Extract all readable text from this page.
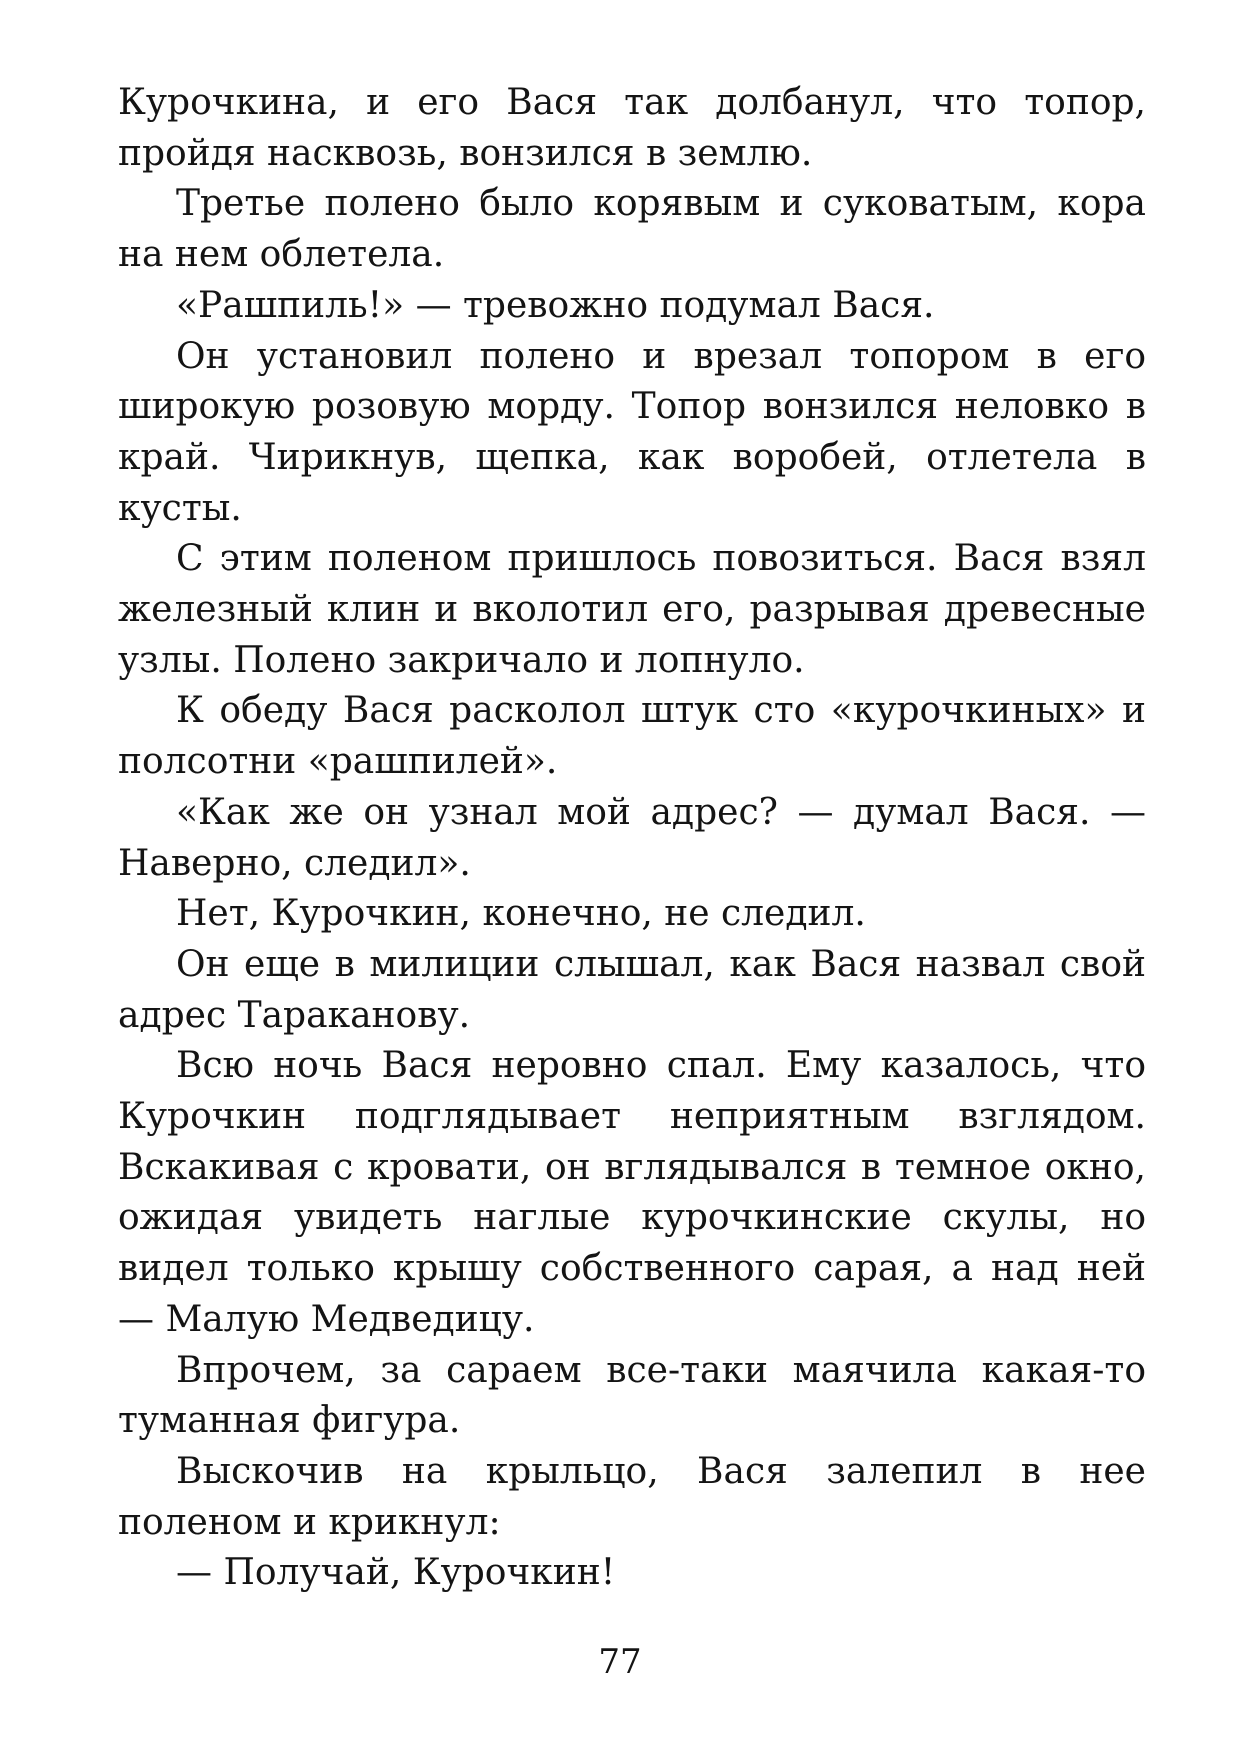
Курочкина, и его Вася так долбанул, что топор, пройдя насквозь, вонзился в землю.

Третье полено было корявым и суковатым, кора на нем облетела.

«Рашпиль!» — тревожно подумал Вася.

Он установил полено и врезал топором в его широкую розовую морду. Топор вонзился неловко в край. Чирикнув, щепка, как воробей, отлетела в кусты.

С этим поленом пришлось повозиться. Вася взял железный клин и вколотил его, разрывая древесные узлы. Полено закричало и лопнуло.

К обеду Вася расколол штук сто «курочкиных» и полсотни «рашпилей».

«Как же он узнал мой адрес? — думал Вася. — Наверно, следил».

Нет, Курочкин, конечно, не следил.

Он еще в милиции слышал, как Вася назвал свой адрес Тараканову.

Всю ночь Вася неровно спал. Ему казалось, что Курочкин подглядывает неприятным взглядом. Вскакивая с кровати, он вглядывался в темное окно, ожидая увидеть наглые курочкинские скулы, но видел только крышу собственного сарая, а над ней — Малую Медведицу.

Впрочем, за сараем все-таки маячила какая-то туманная фигура.

Выскочив на крыльцо, Вася залепил в нее поленом и крикнул:

— Получай, Курочкин!

77
